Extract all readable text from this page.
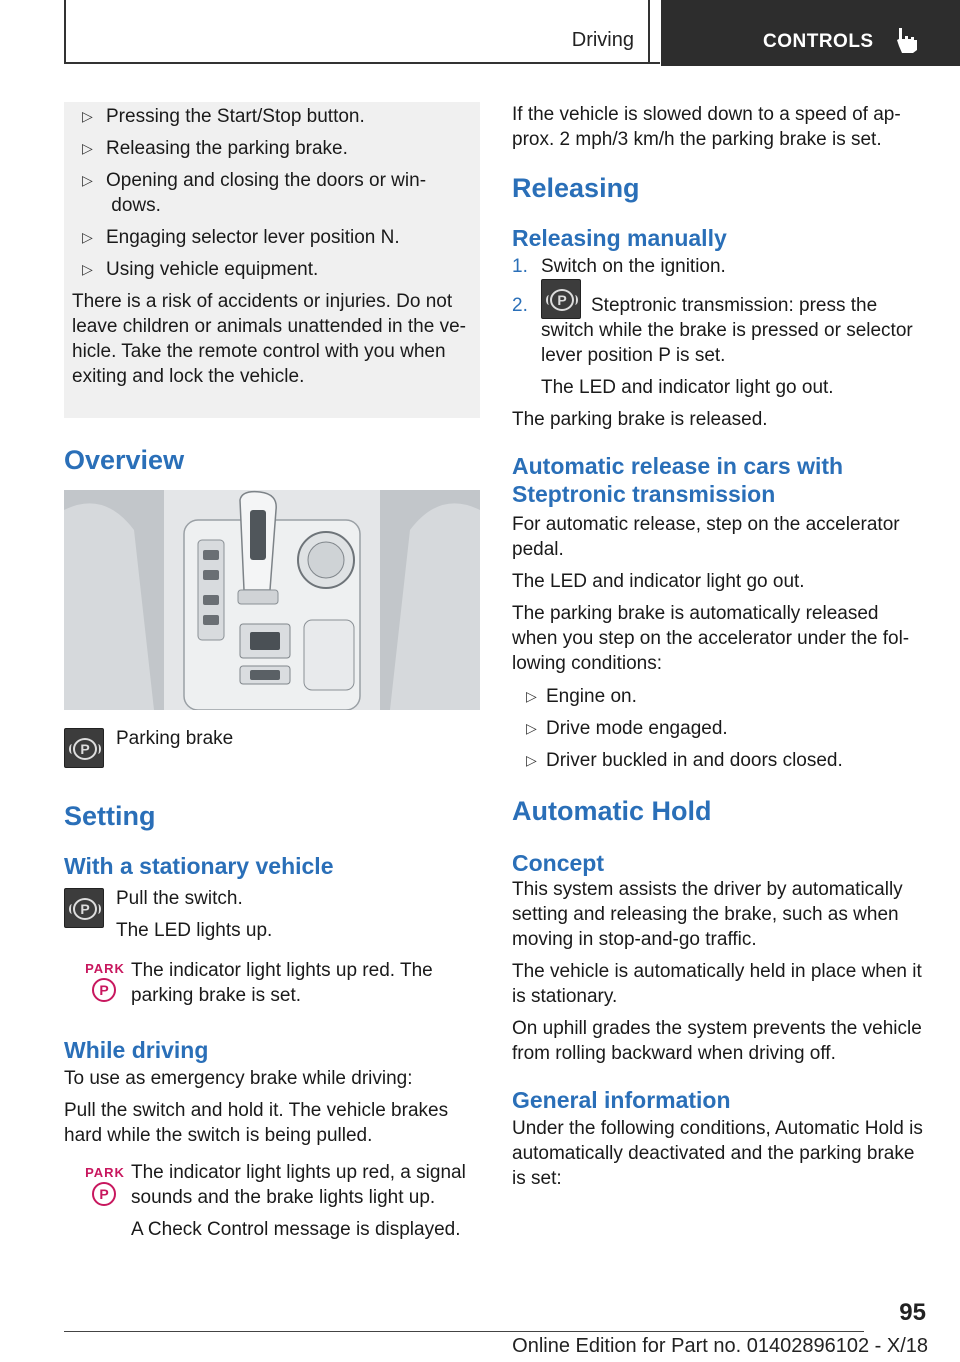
Driving	CONTROLS
▷ Pressing the Start/Stop button.
▷ Releasing the parking brake.
▷ Opening and closing the doors or win- dows.
▷ Engaging selector lever position N.
▷ Using vehicle equipment.

There is a risk of accidents or injuries. Do not leave children or animals unattended in the ve-hicle. Take the remote control with you when exiting and lock the vehicle.

Overview
P	Parking brake
Setting
With a stationary vehicle
P	Pull the switch.

The LED lights up.

PARK
P

The indicator light lights up red. The parking brake is set.

While driving

To use as emergency brake while driving:

Pull the switch and hold it. The vehicle brakes hard while the switch is being pulled.

PARK
P

The indicator light lights up red, a signal sounds and the brake lights light up.

A Check Control message is displayed.

If the vehicle is slowed down to a speed of ap-prox. 2 mph/3 km/h the parking brake is set.

Releasing
Releasing manually
1. Switch on the ignition.
2.	P	Steptronic transmission: press the switch while the brake is pressed or selector lever position P is set.

The LED and indicator light go out.

The parking brake is released.

Automatic release in cars with Steptronic transmission

For automatic release, step on the accelerator pedal.

The LED and indicator light go out.

The parking brake is automatically released when you step on the accelerator under the fol-lowing conditions:

▷ Engine on.
▷ Drive mode engaged.
▷ Driver buckled in and doors closed.
Automatic Hold
Concept

This system assists the driver by automatically setting and releasing the brake, such as when moving in stop-and-go traffic.

The vehicle is automatically held in place when it is stationary.

On uphill grades the system prevents the vehicle from rolling backward when driving off.

General information

Under the following conditions, Automatic Hold is automatically deactivated and the parking brake is set:

95
Online Edition for Part no. 01402896102 - X/18
